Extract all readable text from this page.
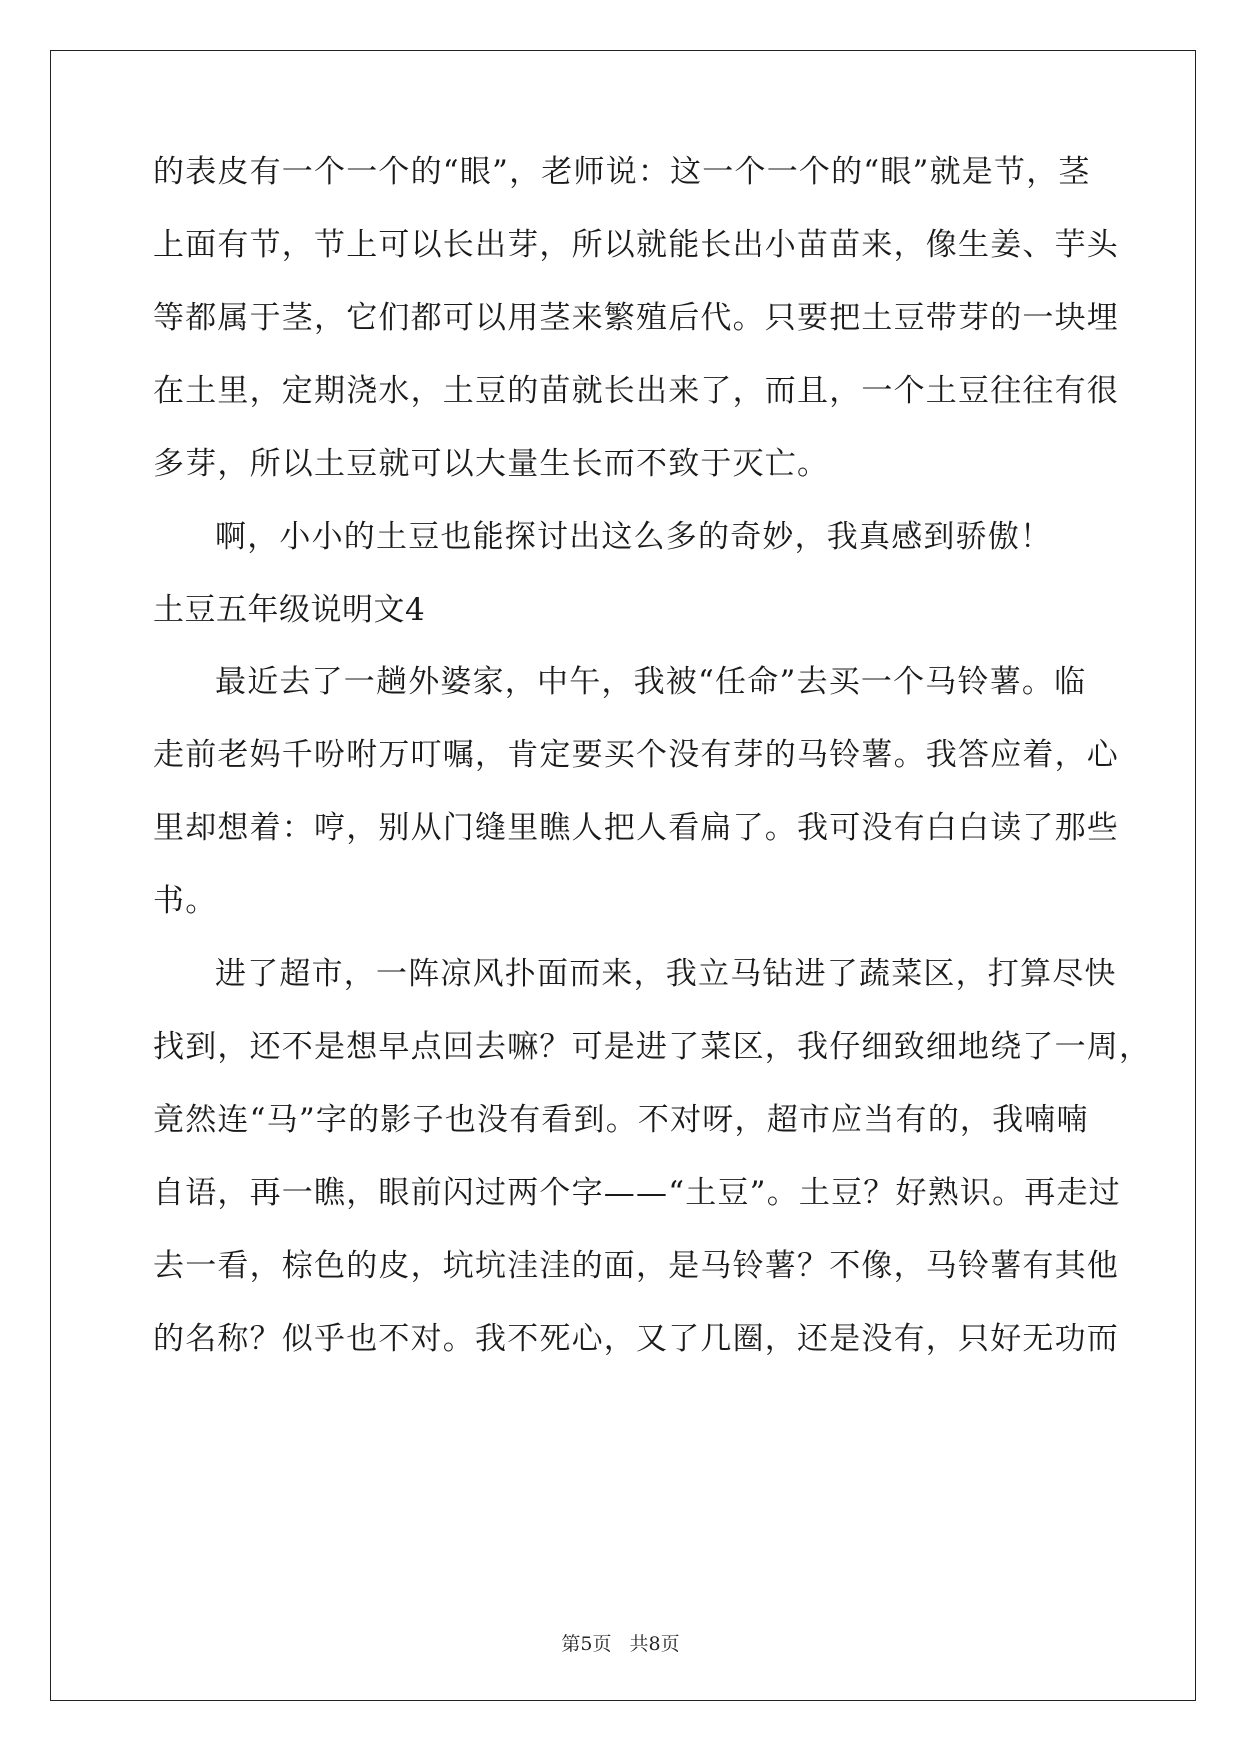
的表皮有一个一个的“眼”，老师说：这一个一个的“眼”就是节，茎
上面有节，节上可以长出芽，所以就能长出小苗苗来，像生姜、芋头
等都属于茎，它们都可以用茎来繁殖后代。只要把土豆带芽的一块埋
在土里，定期浇水，土豆的苗就长出来了，而且，一个土豆往往有很
多芽，所以土豆就可以大量生长而不致于灭亡。
啊，小小的土豆也能探讨出这么多的奇妙，我真感到骄傲！
土豆五年级说明文4
最近去了一趟外婆家，中午，我被“任命”去买一个马铃薯。临
走前老妈千吩咐万叮嘱，肯定要买个没有芽的马铃薯。我答应着，心
里却想着：哼，别从门缝里瞧人把人看扁了。我可没有白白读了那些
书。
进了超市，一阵凉风扑面而来，我立马钻进了蔬菜区，打算尽快
找到，还不是想早点回去嘛？可是进了菜区，我仔细致细地绕了一周，
竟然连“马”字的影子也没有看到。不对呀，超市应当有的，我喃喃
自语，再一瞧，眼前闪过两个字——“土豆”。土豆？好熟识。再走过
去一看，棕色的皮，坑坑洼洼的面，是马铃薯？不像，马铃薯有其他
的名称？似乎也不对。我不死心，又了几圈，还是没有，只好无功而
第5页 共8页
